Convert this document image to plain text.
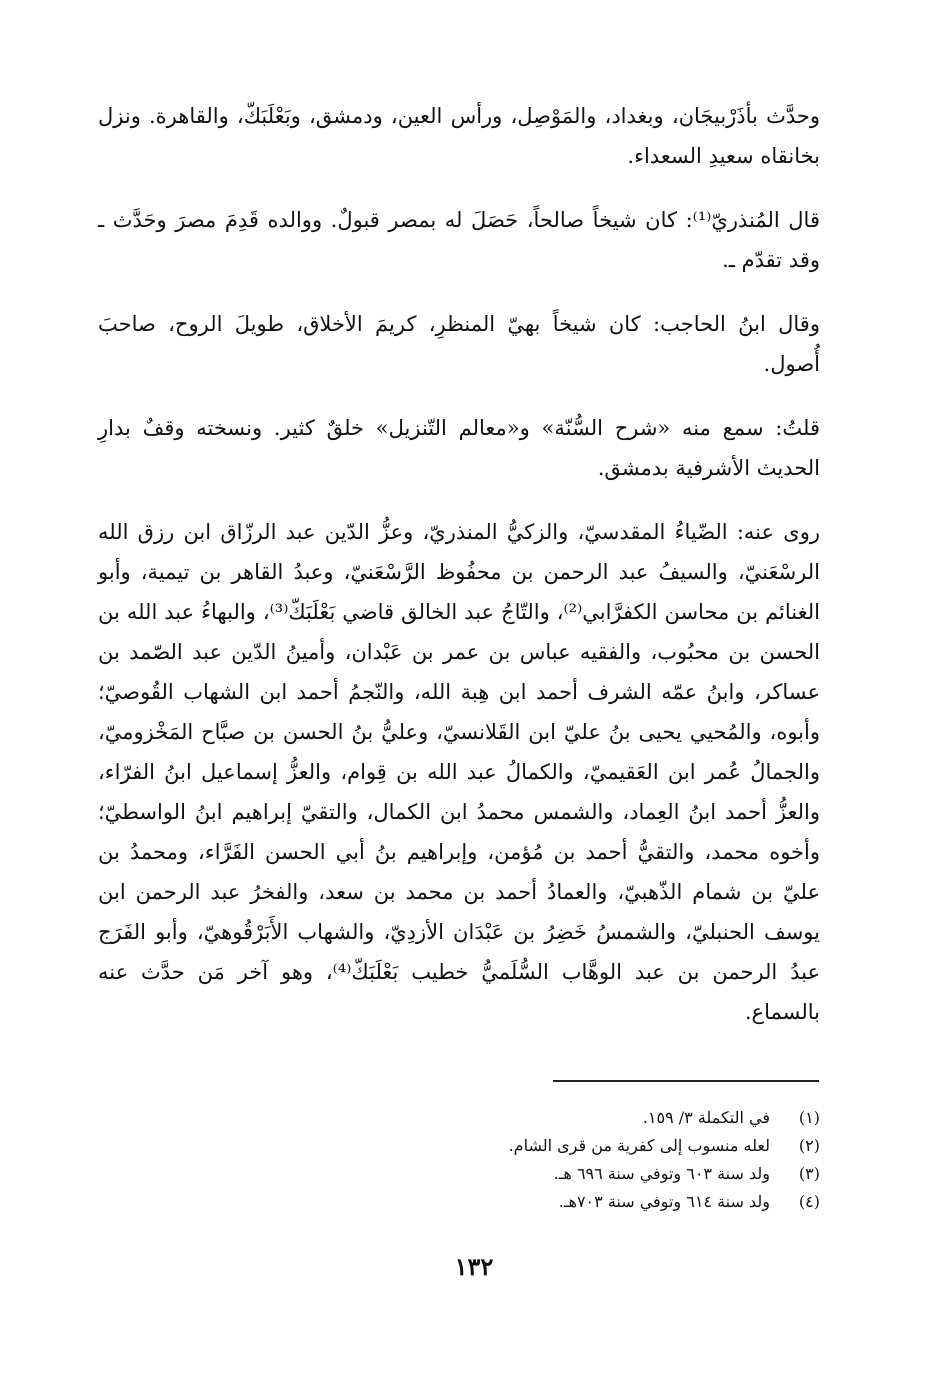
وحدَّث بأذَرْبيجَان، وبغداد، والمَوْصِل، ورأس العين، ودمشق، وبَعْلَبَكّ، والقاهرة. ونزل بخانقاه سعيدِ السعداء.

قال المُنذريّ⁽¹⁾: كان شيخاً صالحاً، حَصَلَ له بمصر قبولٌ. ووالده قَدِمَ مصرَ وحَدَّث ـ وقد تقدّم ـ.

وقال ابنُ الحاجب: كان شيخاً بهيّ المنظرِ، كريمَ الأخلاق، طويلَ الروح، صاحبَ أُصول.

قلتُ: سمع منه «شرح السُّنّة» و«معالم التّنزيل» خلقٌ كثير. ونسخته وقفٌ بدارِ الحديث الأشرفية بدمشق.

روى عنه: الضّياءُ المقدسيّ، والزكيُّ المنذريّ، وعزُّ الدّين عبد الرزّاق ابن رزق الله الرسْعَنيّ، والسيفُ عبد الرحمن بن محفُوظ الرَّسْعَنيّ، وعبدُ القاهر بن تيمية، وأبو الغنائم بن محاسن الكفرَّابي⁽²⁾، والتّاجُ عبد الخالق قاضي بَعْلَبَكّ⁽³⁾، والبهاءُ عبد الله بن الحسن بن محبُوب، والفقيه عباس بن عمر بن عَبْدان، وأمينُ الدّين عبد الصّمد بن عساكر، وابنُ عمّه الشرف أحمد ابن هِبة الله، والنّجمُ أحمد ابن الشهاب القُوصيّ؛ وأبوه، والمُحيي يحيى بنُ عليّ ابن القَلانسيّ، وعليُّ بنُ الحسن بن صبَّاح المَخْزوميّ، والجمالُ عُمر ابن العَقيميّ، والكمالُ عبد الله بن قِوام، والعزُّ إسماعيل ابنُ الفرّاء، والعزُّ أحمد ابنُ العِماد، والشمس محمدُ ابن الكمال، والتقيّ إبراهيم ابنُ الواسطيّ؛ وأخوه محمد، والتقيُّ أحمد بن مُؤمن، وإبراهيم بنُ أبي الحسن الفَرَّاء، ومحمدُ بن عليّ بن شمام الذّهبيّ، والعمادُ أحمد بن محمد بن سعد، والفخرُ عبد الرحمن ابن يوسف الحنبليّ، والشمسُ خَضِرُ بن عَبْدَان الأزدِيّ، والشهاب الأَبَرْقُوهيّ، وأبو الفَرَج عبدُ الرحمن بن عبد الوهَّاب السُّلَميُّ خطيب بَعْلَبَكّ⁽⁴⁾، وهو آخر مَن حدَّث عنه بالسماع.

(١)
في التكملة ٣/ ١٥٩.
(٢)
لعله منسوب إلى كفرية من قرى الشام.
(٣)
ولد سنة ٦٠٣ وتوفي سنة ٦٩٦ هـ.
(٤)
ولد سنة ٦١٤ وتوفي سنة ٧٠٣هـ.
١٣٢
